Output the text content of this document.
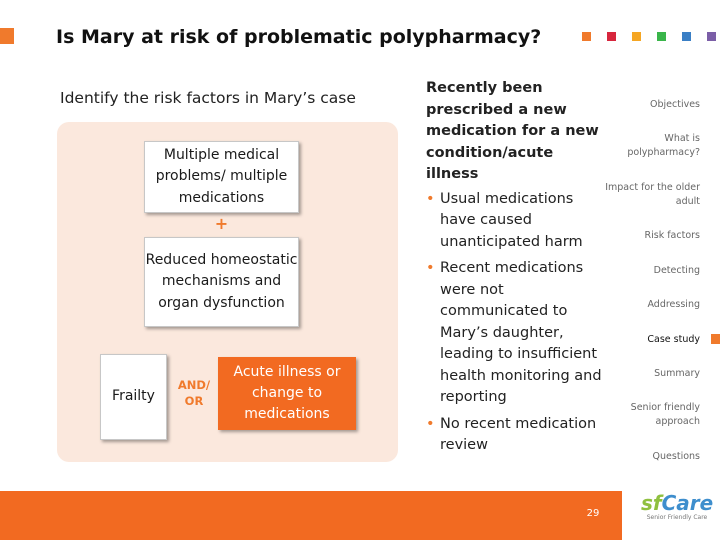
Is Mary at risk of problematic polypharmacy?
Identify the risk factors in Mary’s case
Multiple medical problems/ multiple medications
+
Reduced homeostatic mechanisms and organ dysfunction
Frailty
AND/ OR
Acute illness or change to medications
Recently been prescribed a new medication for a new condition/acute illness
• Usual medications have caused unanticipated harm
• Recent medications were not communicated to Mary’s daughter, leading to insufficient health monitoring and reporting
• No recent medication review
Objectives
What is polypharmacy?
Impact for the older adult
Risk factors
Detecting
Addressing
Case study
Summary
Senior friendly approach
Questions
29	sfCare
Senior Friendly Care
